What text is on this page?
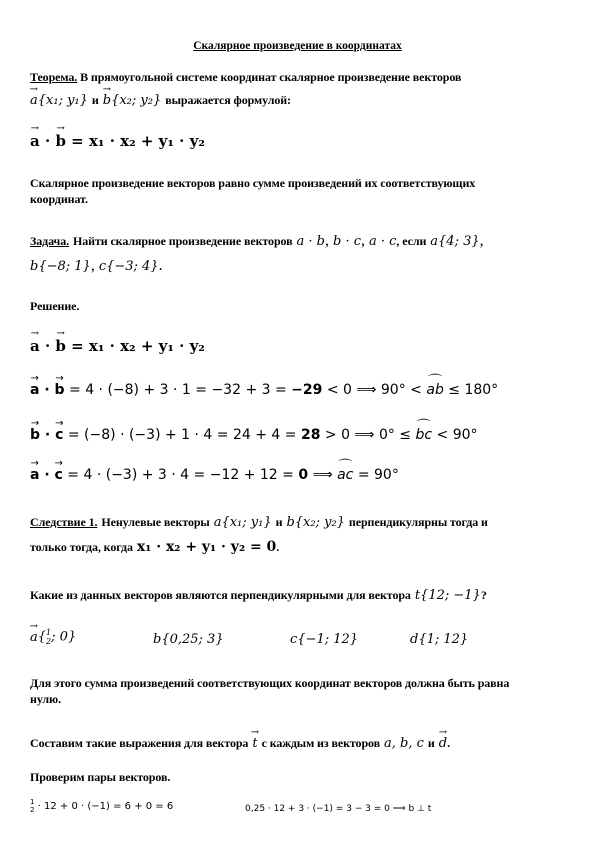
Скалярное произведение в координатах
Теорема. В прямоугольной системе координат скалярное произведение векторов
→ a{x₁; y₁} и → b{x₂; y₂} выражается формулой:
→ a · → b = x₁ · x₂ + y₁ · y₂
Скалярное произведение векторов равно сумме произведений их соответствующих
координат.
Задача. Найти скалярное произведение векторов a · b, b · c, a · c, если a{4; 3},
b{−8; 1}, c{−3; 4}.
Решение.
→ a · → b = x₁ · x₂ + y₁ · y₂
→ a · → b = 4 · (−8) + 3 · 1 = −32 + 3 = −29 < 0 ⟹ 90° < ⌒ ab ≤ 180°
→ b · → c = (−8) · (−3) + 1 · 4 = 24 + 4 = 28 > 0 ⟹ 0° ≤ ⌒ bc < 90°
→ a · → c = 4 · (−3) + 3 · 4 = −12 + 12 = 0 ⟹ ⌒ ac = 90°
Следствие 1. Ненулевые векторы a{x₁; y₁} и b{x₂; y₂} перпендикулярны тогда и
только тогда, когда x₁ · x₂ + y₁ · y₂ = 0.
Какие из данных векторов являются перпендикулярными для вектора t{12; −1}?
→ a{1
2; 0}	b{0,25; 3}	c{−1; 12}	d{1; 12}
Для этого сумма произведений соответствующих координат векторов должна быть равна
нулю.
Составим такие выражения для вектора → t с каждым из векторов a, b, c и → d.
Проверим пары векторов.
1
2 · 12 + 0 · (−1) = 6 + 0 = 6	0,25 · 12 + 3 · (−1) = 3 − 3 = 0 ⟹ b ⊥ t
